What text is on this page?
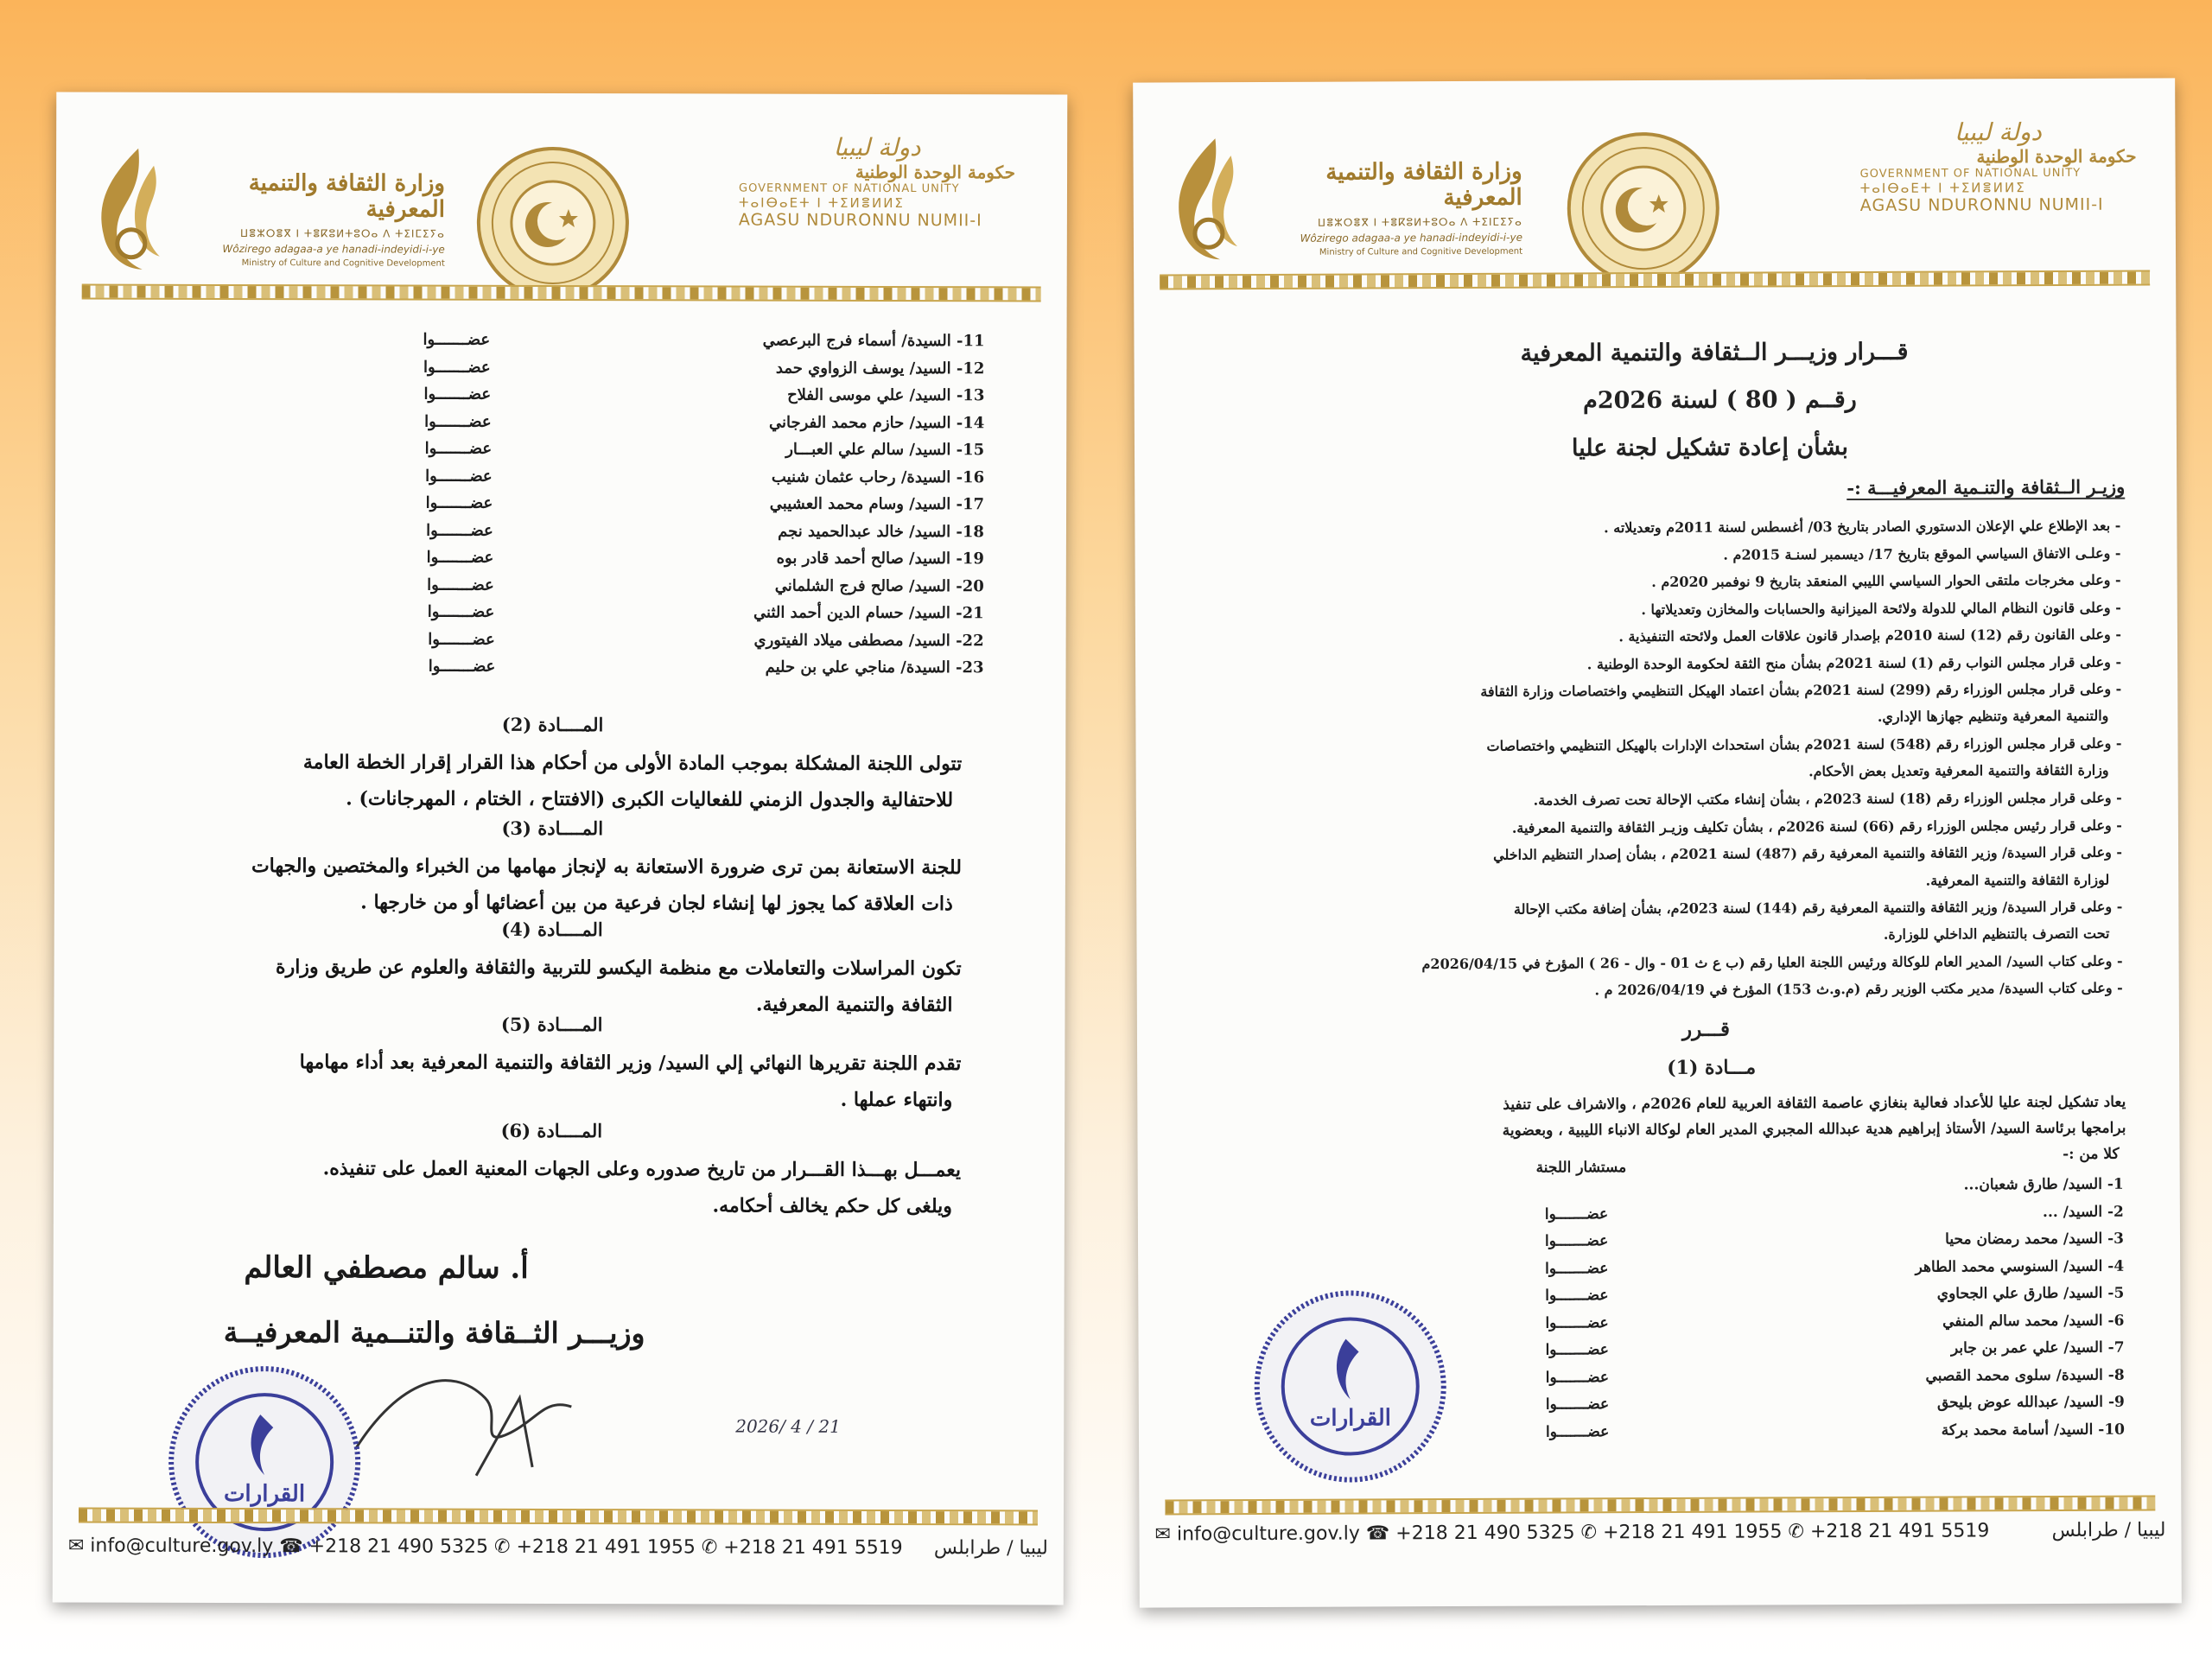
وزارة الثقافة والتنمية المعرفية
ⵡⴻⵣⵔⴻⴳ ⵏ ⵜⴻⴽⵓⵍⵜⵓⵔⴰ ⴷ ⵜⵉⵏⵎⵉⵢⴰ
Wôzirego adagaa-a ye hanadi-indeyidi-i-ye
Ministry of Culture and Cognitive Development
دولة ليبيا
حكومة الوحدة الوطنية
GOVERNMENT OF NATIONAL UNITY
ⵜⴰⵏⴱⴰⴹⵜ ⵏ ⵜⵉⵍⴻⵍⵍⵉ
AGASU NDURONNU NUMII-I
11- السيدة/ أسماء فرج البرعصي
عضـــــــوا
12- السيد/ يوسف الزواوي حمد
عضـــــــوا
13- السيد/ علي موسى الفلاح
عضـــــــوا
14- السيد/ حازم محمد الفرجاني
عضـــــــوا
15- السيد/ سالم علي العبـــار
عضـــــــوا
16- السيدة/ رحاب عثمان شنيب
عضـــــــوا
17- السيد/ وسام محمد العشيبي
عضـــــــوا
18- السيد/ خالد عبدالحميد نجم
عضـــــــوا
19- السيد/ صالح أحمد قادر بوه
عضـــــــوا
20- السيد/ صالح فرج الشلماني
عضـــــــوا
21- السيد/ حسام الدين أحمد الثني
عضـــــــوا
22- السيد/ مصطفى ميلاد الفيتوري
عضـــــــوا
23- السيدة/ مناجي علي بن حليم
عضـــــــوا
المــــادة (2)
تتولى اللجنة المشكلة بموجب المادة الأولى من أحكام هذا القرار إقرار الخطة العامة
للاحتفالية والجدول الزمني للفعاليات الكبرى (الافتتاح ، الختام ، المهرجانات) .
المــــادة (3)
للجنة الاستعانة بمن ترى ضرورة الاستعانة به لإنجاز مهامها من الخبراء والمختصين والجهات
ذات العلاقة كما يجوز لها إنشاء لجان فرعية من بين أعضائها أو من خارجها .
المــــادة (4)
تكون المراسلات والتعاملات مع منظمة اليكسو للتربية والثقافة والعلوم عن طريق وزارة
الثقافة والتنمية المعرفية.
المــــادة (5)
تقدم اللجنة تقريرها النهائي إلي السيد/ وزير الثقافة والتنمية المعرفية بعد أداء مهامها
وانتهاء عملها .
المــــادة (6)
يعمـــل بهـــذا القـــرار من تاريخ صدوره وعلى الجهات المعنية العمل على تنفيذه.
ويلغى كل حكم يخالف أحكامه.
أ. سالم مصطفي العالم
وزيـــر الثــقافة والتنــمية المعرفيــة
2026/ 4 / 21
القرارات
✉ info@culture.gov.ly ☎ +218 21 490 5325 ✆ +218 21 491 1955 ✆ +218 21 491 5519 ليبيا / طرابلس
وزارة الثقافة والتنمية المعرفية
ⵡⴻⵣⵔⴻⴳ ⵏ ⵜⴻⴽⵓⵍⵜⵓⵔⴰ ⴷ ⵜⵉⵏⵎⵉⵢⴰ
Wôzirego adagaa-a ye hanadi-indeyidi-i-ye
Ministry of Culture and Cognitive Development
دولة ليبيا
حكومة الوحدة الوطنية
GOVERNMENT OF NATIONAL UNITY
ⵜⴰⵏⴱⴰⴹⵜ ⵏ ⵜⵉⵍⴻⵍⵍⵉ
AGASU NDURONNU NUMII-I
قـــرار وزيـــر الــثقافة والتنمية المعرفية
رقــم ( 80 ) لسنة 2026م
بشأن إعادة تشكيل لجنة عليا
وزيـر الــثقافة والتنـمية المعرفيـــة :-
- بعد الإطلاع علي الإعلان الدستوري الصادر بتاريخ 03/ أغسطس لسنة 2011م وتعديلاته .
- وعلـى الاتفاق السياسي الموقع بتاريخ 17/ ديسمبر لسنـة 2015م .
- وعلى مخرجات ملتقى الحوار السياسي الليبي المنعقد بتاريخ 9 نوفمبر 2020م .
- وعلى قانون النظام المالي للدولة ولائحة الميزانية والحسابات والمخازن وتعديلاتها .
- وعلى القانون رقم (12) لسنة 2010م بإصدار قانون علاقات العمل ولائحته التنفيذية .
- وعلى قرار مجلس النواب رقم (1) لسنة 2021م بشأن منح الثقة لحكومة الوحدة الوطنية .
- وعلى قرار مجلس الوزراء رقم (299) لسنة 2021م بشأن اعتماد الهيكل التنظيمي واختصاصات وزارة الثقافة
والتنمية المعرفية وتنظيم جهازها الإداري.
- وعلى قرار مجلس الوزراء رقم (548) لسنة 2021م بشأن استحداث الإدارات بالهيكل التنظيمي واختصاصات
وزارة الثقافة والتنمية المعرفية وتعديل بعض الأحكام.
- وعلى قرار مجلس الوزراء رقم (18) لسنة 2023م ، بشأن إنشاء مكتب الإحالة تحت تصرف الخدمة.
- وعلى قرار رئيس مجلس الوزراء رقم (66) لسنة 2026م ، بشأن تكليف وزيـر الثقافة والتنمية المعرفية.
- وعلى قرار السيدة/ وزير الثقافة والتنمية المعرفية رقم (487) لسنة 2021م ، بشأن إصدار التنظيم الداخلي
لوزارة الثقافة والتنمية المعرفية.
- وعلى قرار السيدة/ وزير الثقافة والتنمية المعرفية رقم (144) لسنة 2023م، بشأن إضافة مكتب الإحالة
تحت التصرف بالتنظيم الداخلي للوزارة.
- وعلى كتاب السيد/ المدير العام للوكالة ورئيس اللجنة العليا رقم (ب ع ث 01 - وال - 26 ) المؤرخ في 2026/04/15م
- وعلى كتاب السيدة/ مدير مكتب الوزير رقم (م.و.ث 153) المؤرخ في 2026/04/19 م .
قـــرر
مـــادة (1)
يعاد تشكيل لجنة عليا للأعداد فعالية بنغازي عاصمة الثقافة العربية للعام 2026م ، والاشراف على تنفيذ
برامجها برئاسة السيد/ الأستاذ إبراهيم هدية عبدالله المجبري المدير العام لوكالة الانباء الليبية ، وبعضوية
كلا من :-
1- السيد/ طارق شعبان...
مستشار اللجنة
2- السيد/ ...
عضـــــــوا
3- السيد/ محمد رمضان محيا
عضـــــــوا
4- السيد/ السنوسي محمد الطاهر
عضـــــــوا
5- السيد/ طارق علي الجحاوي
عضـــــــوا
6- السيد/ محمد سالم المنفي
عضـــــــوا
7- السيد/ علي عمر بن جابر
عضـــــــوا
8- السيدة/ سلوى محمد القصبي
عضـــــــوا
9- السيد/ عبدالله عوض بليحق
عضـــــــوا
10- السيد/ أسامة محمد بركة
عضـــــــوا
القرارات
✉ info@culture.gov.ly ☎ +218 21 490 5325 ✆ +218 21 491 1955 ✆ +218 21 491 5519	ليبيا / طرابلس
